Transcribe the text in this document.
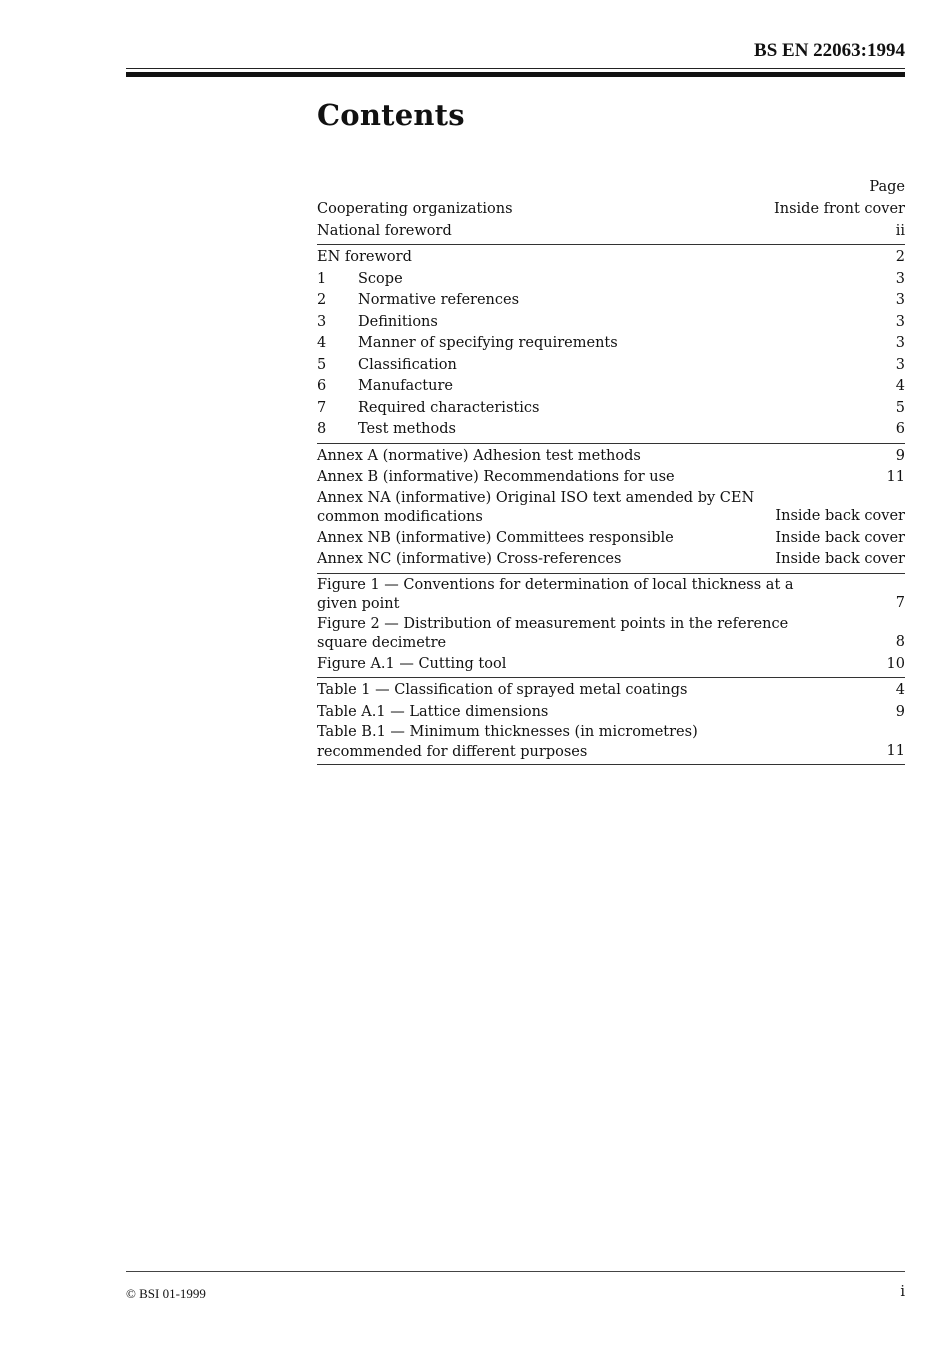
BS EN 22063:1994
Contents
Page
Cooperating organizations	Inside front cover
National foreword	ii
EN foreword	2
1	Scope	3
2	Normative references	3
3	Definitions	3
4	Manner of specifying requirements	3
5	Classification	3
6	Manufacture	4
7	Required characteristics	5
8	Test methods	6
Annex A (normative) Adhesion test methods	9
Annex B (informative) Recommendations for use	11
Annex NA (informative) Original ISO text amended by CEN common modifications	Inside back cover
Annex NB (informative) Committees responsible	Inside back cover
Annex NC (informative) Cross-references	Inside back cover
Figure 1 — Conventions for determination of local thickness at a given point	7
Figure 2 — Distribution of measurement points in the reference square decimetre	8
Figure A.1 — Cutting tool	10
Table 1 — Classification of sprayed metal coatings	4
Table A.1 — Lattice dimensions	9
Table B.1 — Minimum thicknesses (in micrometres) recommended for different purposes	11
© BSI 01-1999	i
